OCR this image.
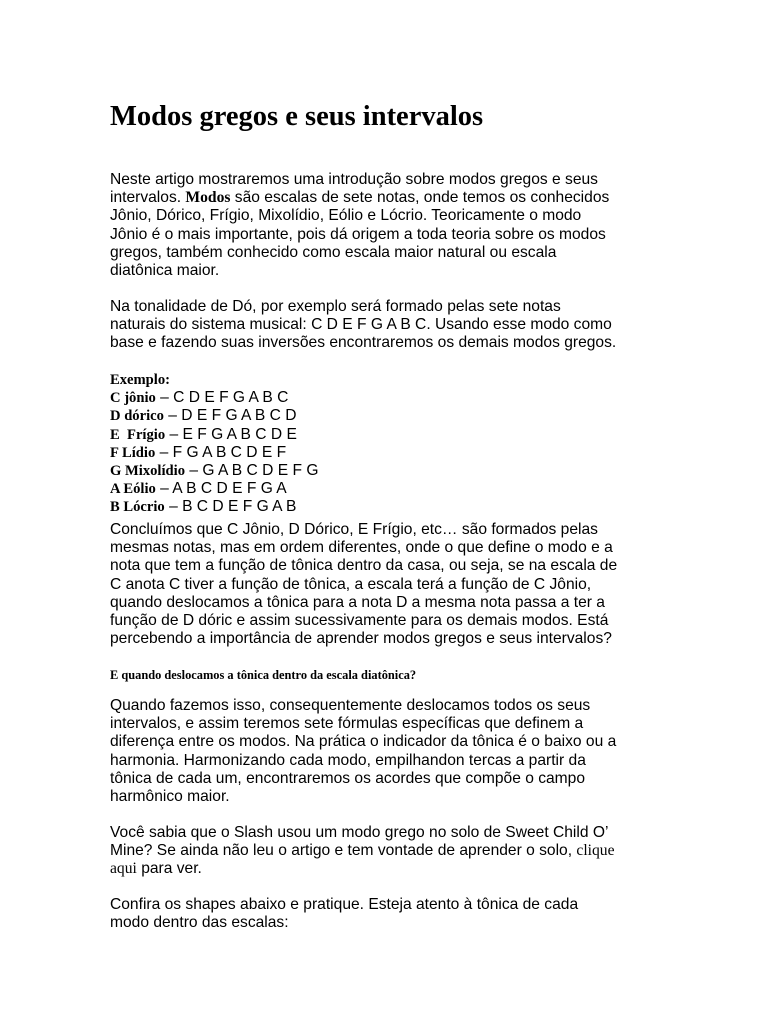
Modos gregos e seus intervalos
Neste artigo mostraremos uma introdução sobre modos gregos e seus
intervalos. Modos são escalas de sete notas, onde temos os conhecidos
Jônio, Dórico, Frígio, Mixolídio, Eólio e Lócrio. Teoricamente o modo
Jônio é o mais importante, pois dá origem a toda teoria sobre os modos
gregos, também conhecido como escala maior natural ou escala
diatônica maior.
Na tonalidade de Dó, por exemplo será formado pelas sete notas
naturais do sistema musical: C D E F G A B C. Usando esse modo como
base e fazendo suas inversões encontraremos os demais modos gregos.
Exemplo:
C jônio – C D E F G A B C
D dórico – D E F G A B C D
E  Frígio – E F G A B C D E
F Lídio – F G A B C D E F
G Mixolídio – G A B C D E F G
A Eólio – A B C D E F G A
B Lócrio – B C D E F G A B
Concluímos que C Jônio, D Dórico, E Frígio, etc… são formados pelas
mesmas notas, mas em ordem diferentes, onde o que define o modo e a
nota que tem a função de tônica dentro da casa, ou seja, se na escala de
C anota C tiver a função de tônica, a escala terá a função de C Jônio,
quando deslocamos a tônica para a nota D a mesma nota passa a ter a
função de D dóric e assim sucessivamente para os demais modos. Está
percebendo a importância de aprender modos gregos e seus intervalos?
E quando deslocamos a tônica dentro da escala diatônica?
Quando fazemos isso, consequentemente deslocamos todos os seus
intervalos, e assim teremos sete fórmulas específicas que definem a
diferença entre os modos. Na prática o indicador da tônica é o baixo ou a
harmonia. Harmonizando cada modo, empilhandon tercas a partir da
tônica de cada um, encontraremos os acordes que compõe o campo
harmônico maior.
Você sabia que o Slash usou um modo grego no solo de Sweet Child O’
Mine? Se ainda não leu o artigo e tem vontade de aprender o solo, clique
aqui para ver.
Confira os shapes abaixo e pratique. Esteja atento à tônica de cada
modo dentro das escalas:
